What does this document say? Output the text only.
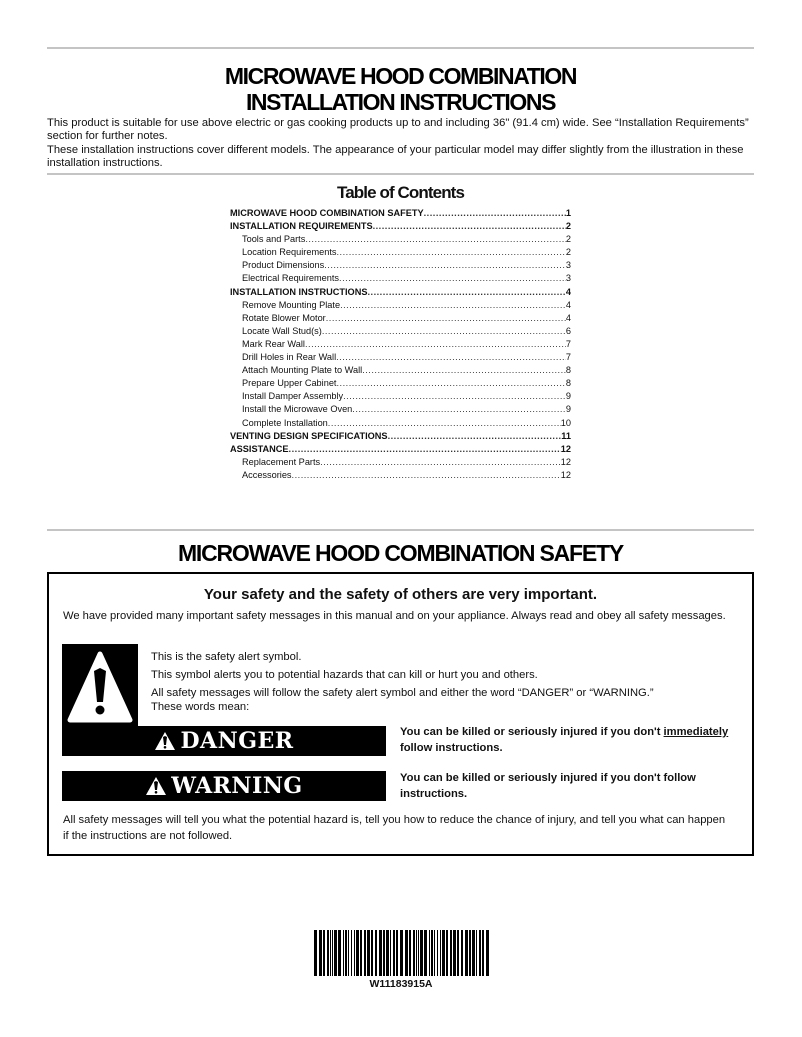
MICROWAVE HOOD COMBINATION
INSTALLATION INSTRUCTIONS

This product is suitable for use above electric or gas cooking products up to and including 36" (91.4 cm) wide. See “Installation Requirements” section for further notes.

These installation instructions cover different models. The appearance of your particular model may differ slightly from the illustration in these installation instructions.

Table of Contents
MICROWAVE HOOD COMBINATION SAFETY .....	1
INSTALLATION REQUIREMENTS .....	2
Tools and Parts .....	2
Location Requirements .....	2
Product Dimensions .....	3
Electrical Requirements .....	3
INSTALLATION INSTRUCTIONS .....	4
Remove Mounting Plate .....	4
Rotate Blower Motor .....	4
Locate Wall Stud(s) .....	6
Mark Rear Wall .....	7
Drill Holes in Rear Wall .....	7
Attach Mounting Plate to Wall .....	8
Prepare Upper Cabinet .....	8
Install Damper Assembly .....	9
Install the Microwave Oven .....	9
Complete Installation .....	10
VENTING DESIGN SPECIFICATIONS .....	11
ASSISTANCE .....	12
Replacement Parts .....	12
Accessories .....	12
MICROWAVE HOOD COMBINATION SAFETY
Your safety and the safety of others are very important.
We have provided many important safety messages in this manual and on your appliance. Always read and obey all safety messages.
This is the safety alert symbol.
This symbol alerts you to potential hazards that can kill or hurt you and others.
All safety messages will follow the safety alert symbol and either the word “DANGER” or “WARNING.”
These words mean:
DANGER	You can be killed or seriously injured if you don't immediately follow instructions.
WARNING	You can be killed or seriously injured if you don't follow instructions.
All safety messages will tell you what the potential hazard is, tell you how to reduce the chance of injury, and tell you what can happen if the instructions are not followed.
W11183915A
